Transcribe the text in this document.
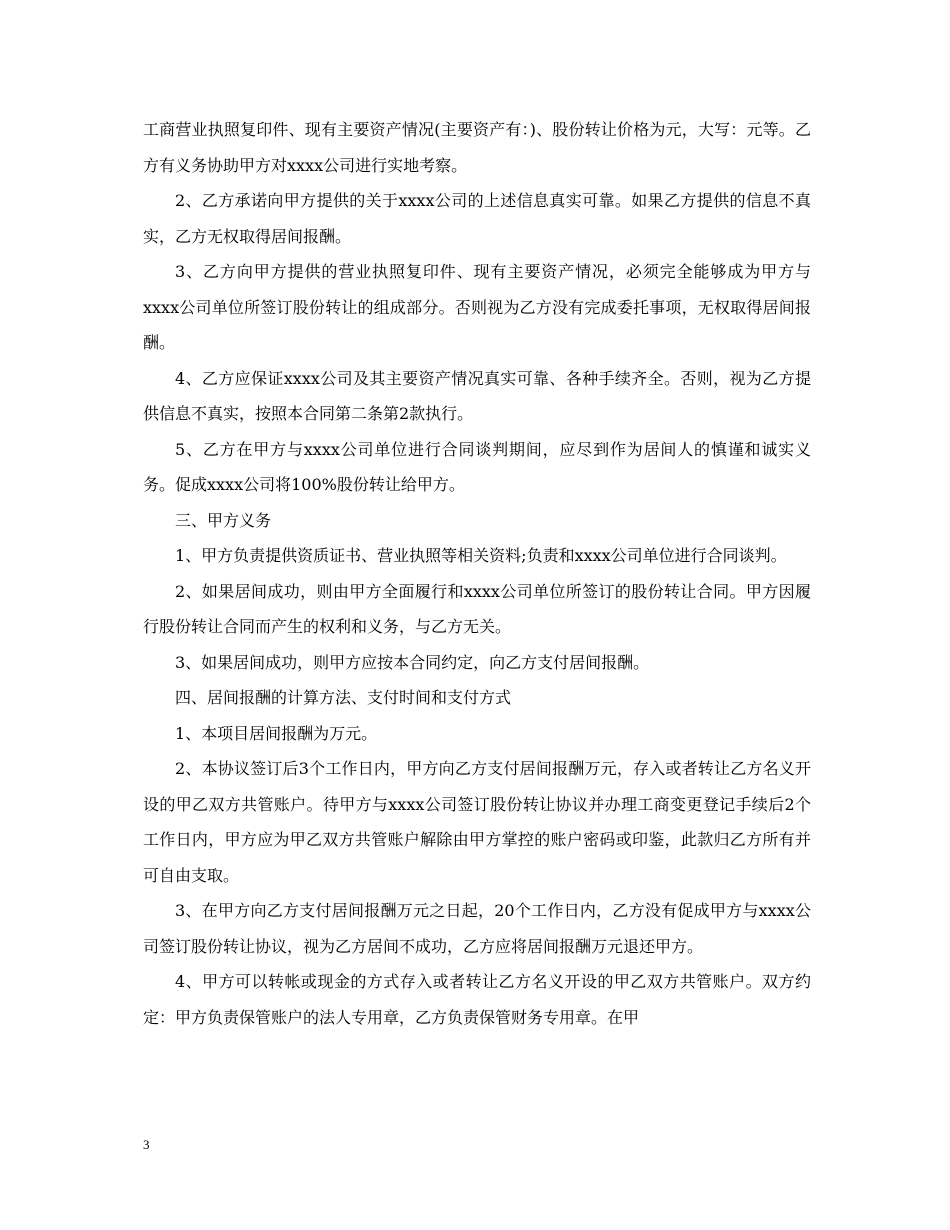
工商营业执照复印件、现有主要资产情况(主要资产有：)、股份转让价格为元，大写：元等。乙方有义务协助甲方对xxxx公司进行实地考察。

2、乙方承诺向甲方提供的关于xxxx公司的上述信息真实可靠。如果乙方提供的信息不真实，乙方无权取得居间报酬。

3、乙方向甲方提供的营业执照复印件、现有主要资产情况，必须完全能够成为甲方与xxxx公司单位所签订股份转让的组成部分。否则视为乙方没有完成委托事项，无权取得居间报酬。

4、乙方应保证xxxx公司及其主要资产情况真实可靠、各种手续齐全。否则，视为乙方提供信息不真实，按照本合同第二条第2款执行。

5、乙方在甲方与xxxx公司单位进行合同谈判期间，应尽到作为居间人的慎谨和诚实义务。促成xxxx公司将100%股份转让给甲方。

三、甲方义务

1、甲方负责提供资质证书、营业执照等相关资料;负责和xxxx公司单位进行合同谈判。

2、如果居间成功，则由甲方全面履行和xxxx公司单位所签订的股份转让合同。甲方因履行股份转让合同而产生的权利和义务，与乙方无关。

3、如果居间成功，则甲方应按本合同约定，向乙方支付居间报酬。

四、居间报酬的计算方法、支付时间和支付方式

1、本项目居间报酬为万元。

2、本协议签订后3个工作日内，甲方向乙方支付居间报酬万元，存入或者转让乙方名义开设的甲乙双方共管账户。待甲方与xxxx公司签订股份转让协议并办理工商变更登记手续后2个工作日内，甲方应为甲乙双方共管账户解除由甲方掌控的账户密码或印鉴，此款归乙方所有并可自由支取。

3、在甲方向乙方支付居间报酬万元之日起，20个工作日内，乙方没有促成甲方与xxxx公司签订股份转让协议，视为乙方居间不成功，乙方应将居间报酬万元退还甲方。

4、甲方可以转帐或现金的方式存入或者转让乙方名义开设的甲乙双方共管账户。双方约定：甲方负责保管账户的法人专用章，乙方负责保管财务专用章。在甲

3
